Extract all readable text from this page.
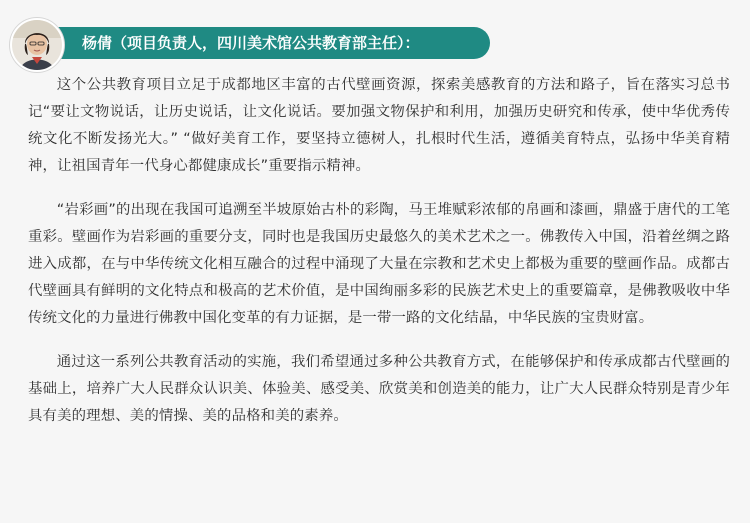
杨倩（项目负责人，四川美术馆公共教育部主任）：

这个公共教育项目立足于成都地区丰富的古代壁画资源，探索美感教育的方法和路子，旨在落实习总书记“要让文物说话，让历史说话，让文化说话。要加强文物保护和利用，加强历史研究和传承，使中华优秀传统文化不断发扬光大。” “做好美育工作，要坚持立德树人，扎根时代生活，遵循美育特点，弘扬中华美育精神，让祖国青年一代身心都健康成长”重要指示精神。

“岩彩画”的出现在我国可追溯至半坡原始古朴的彩陶，马王堆赋彩浓郁的帛画和漆画，鼎盛于唐代的工笔重彩。壁画作为岩彩画的重要分支，同时也是我国历史最悠久的美术艺术之一。佛教传入中国，沿着丝绸之路进入成都，在与中华传统文化相互融合的过程中涌现了大量在宗教和艺术史上都极为重要的壁画作品。成都古代壁画具有鲜明的文化特点和极高的艺术价值，是中国绚丽多彩的民族艺术史上的重要篇章，是佛教吸收中华传统文化的力量进行佛教中国化变革的有力证据，是一带一路的文化结晶，中华民族的宝贵财富。

通过这一系列公共教育活动的实施，我们希望通过多种公共教育方式，在能够保护和传承成都古代壁画的基础上，培养广大人民群众认识美、体验美、感受美、欣赏美和创造美的能力，让广大人民群众特别是青少年具有美的理想、美的情操、美的品格和美的素养。
